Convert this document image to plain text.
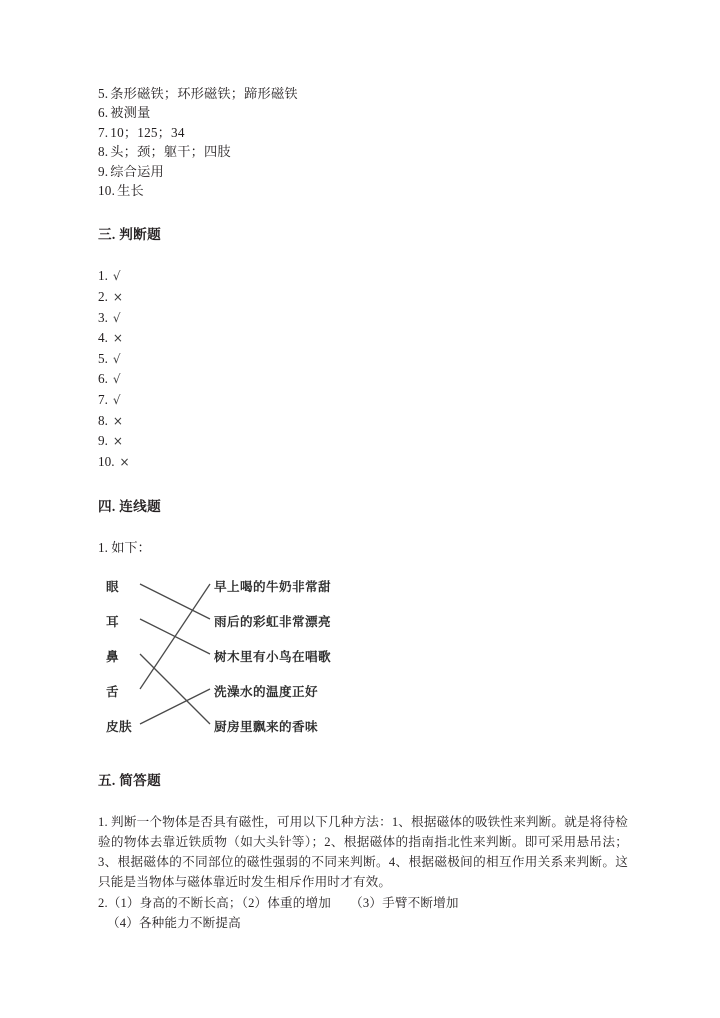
5. 条形磁铁；环形磁铁；蹄形磁铁
6. 被测量
7. 10；125；34
8. 头；颈；躯干；四肢
9. 综合运用
10. 生长
三. 判断题
1. √
2. ×
3. √
4. ×
5. √
6. √
7. √
8. ×
9. ×
10. ×
四. 连线题
1. 如下：
眼
耳
鼻
舌
皮肤
早上喝的牛奶非常甜
雨后的彩虹非常漂亮
树木里有小鸟在唱歌
洗澡水的温度正好
厨房里飘来的香味
五. 简答题

1. 判断一个物体是否具有磁性，可用以下几种方法：1、根据磁体的吸铁性来判断。就是将待检验的物体去靠近铁质物（如大头针等）；2、根据磁体的指南指北性来判断。即可采用悬吊法；3、根据磁体的不同部位的磁性强弱的不同来判断。4、根据磁极间的相互作用关系来判断。这只能是当物体与磁体靠近时发生相斥作用时才有效。

2.（1）身高的不断长高；（2）体重的增加　　（3）手臂不断增加

（4）各种能力不断提高
